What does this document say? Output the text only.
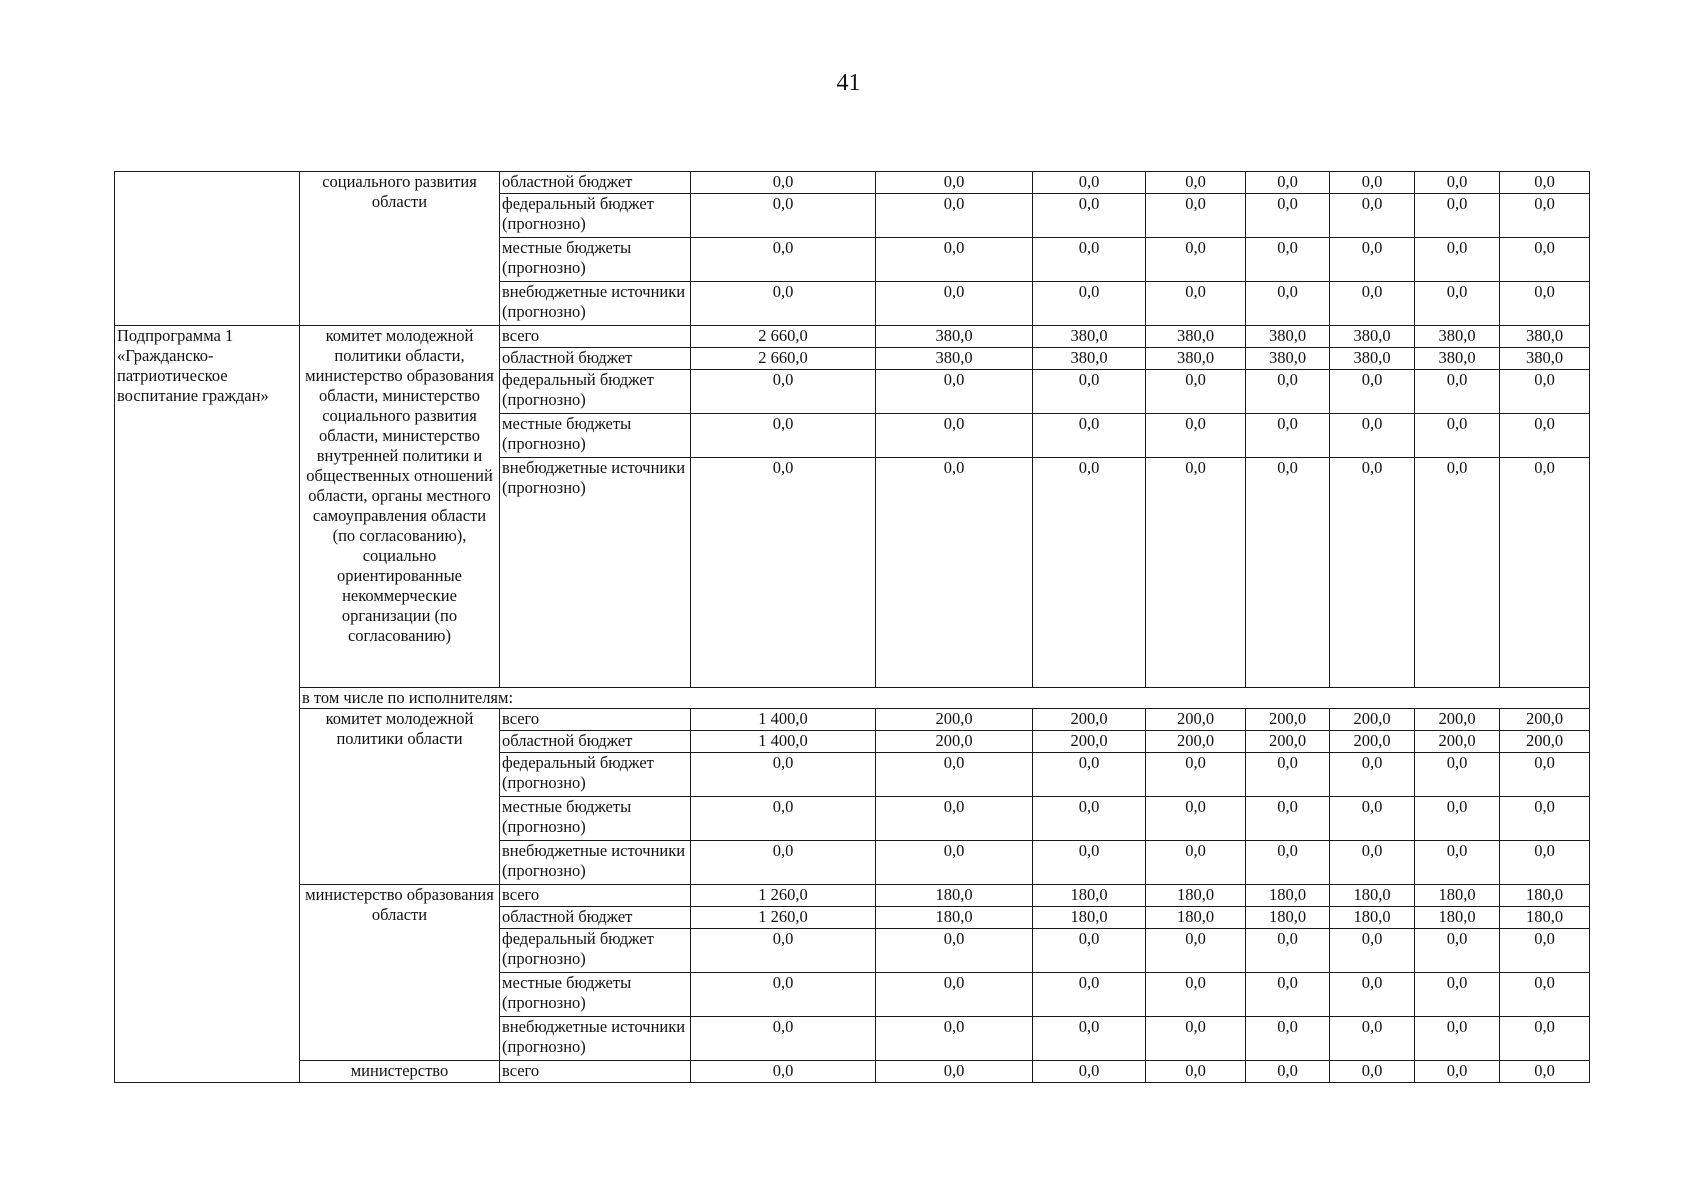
41
	социального развития области	областной бюджет	0,0	0,0	0,0	0,0	0,0	0,0	0,0	0,0
		федеральный бюджет (прогнозно)	0,0	0,0	0,0	0,0	0,0	0,0	0,0	0,0
		местные бюджеты (прогнозно)	0,0	0,0	0,0	0,0	0,0	0,0	0,0	0,0
		внебюджетные источники (прогнозно)	0,0	0,0	0,0	0,0	0,0	0,0	0,0	0,0
Подпрограмма 1 «Гражданско-патриотическое воспитание граждан»	комитет молодежной политики области, министерство образования области, министерство социального развития области, министерство внутренней политики и общественных отношений области, органы местного самоуправления области (по согласованию), социально ориентированные некоммерческие организации (по согласованию)	всего	2 660,0	380,0	380,0	380,0	380,0	380,0	380,0	380,0
		областной бюджет	2 660,0	380,0	380,0	380,0	380,0	380,0	380,0	380,0
		федеральный бюджет (прогнозно)	0,0	0,0	0,0	0,0	0,0	0,0	0,0	0,0
		местные бюджеты (прогнозно)	0,0	0,0	0,0	0,0	0,0	0,0	0,0	0,0
		внебюджетные источники (прогнозно)	0,0	0,0	0,0	0,0	0,0	0,0	0,0	0,0
	в том числе по исполнителям:									
	комитет молодежной политики области	всего	1 400,0	200,0	200,0	200,0	200,0	200,0	200,0	200,0
		областной бюджет	1 400,0	200,0	200,0	200,0	200,0	200,0	200,0	200,0
		федеральный бюджет (прогнозно)	0,0	0,0	0,0	0,0	0,0	0,0	0,0	0,0
		местные бюджеты (прогнозно)	0,0	0,0	0,0	0,0	0,0	0,0	0,0	0,0
		внебюджетные источники (прогнозно)	0,0	0,0	0,0	0,0	0,0	0,0	0,0	0,0
	министерство образования области	всего	1 260,0	180,0	180,0	180,0	180,0	180,0	180,0	180,0
		областной бюджет	1 260,0	180,0	180,0	180,0	180,0	180,0	180,0	180,0
		федеральный бюджет (прогнозно)	0,0	0,0	0,0	0,0	0,0	0,0	0,0	0,0
		местные бюджеты (прогнозно)	0,0	0,0	0,0	0,0	0,0	0,0	0,0	0,0
		внебюджетные источники (прогнозно)	0,0	0,0	0,0	0,0	0,0	0,0	0,0	0,0
	министерство	всего	0,0	0,0	0,0	0,0	0,0	0,0	0,0	0,0
